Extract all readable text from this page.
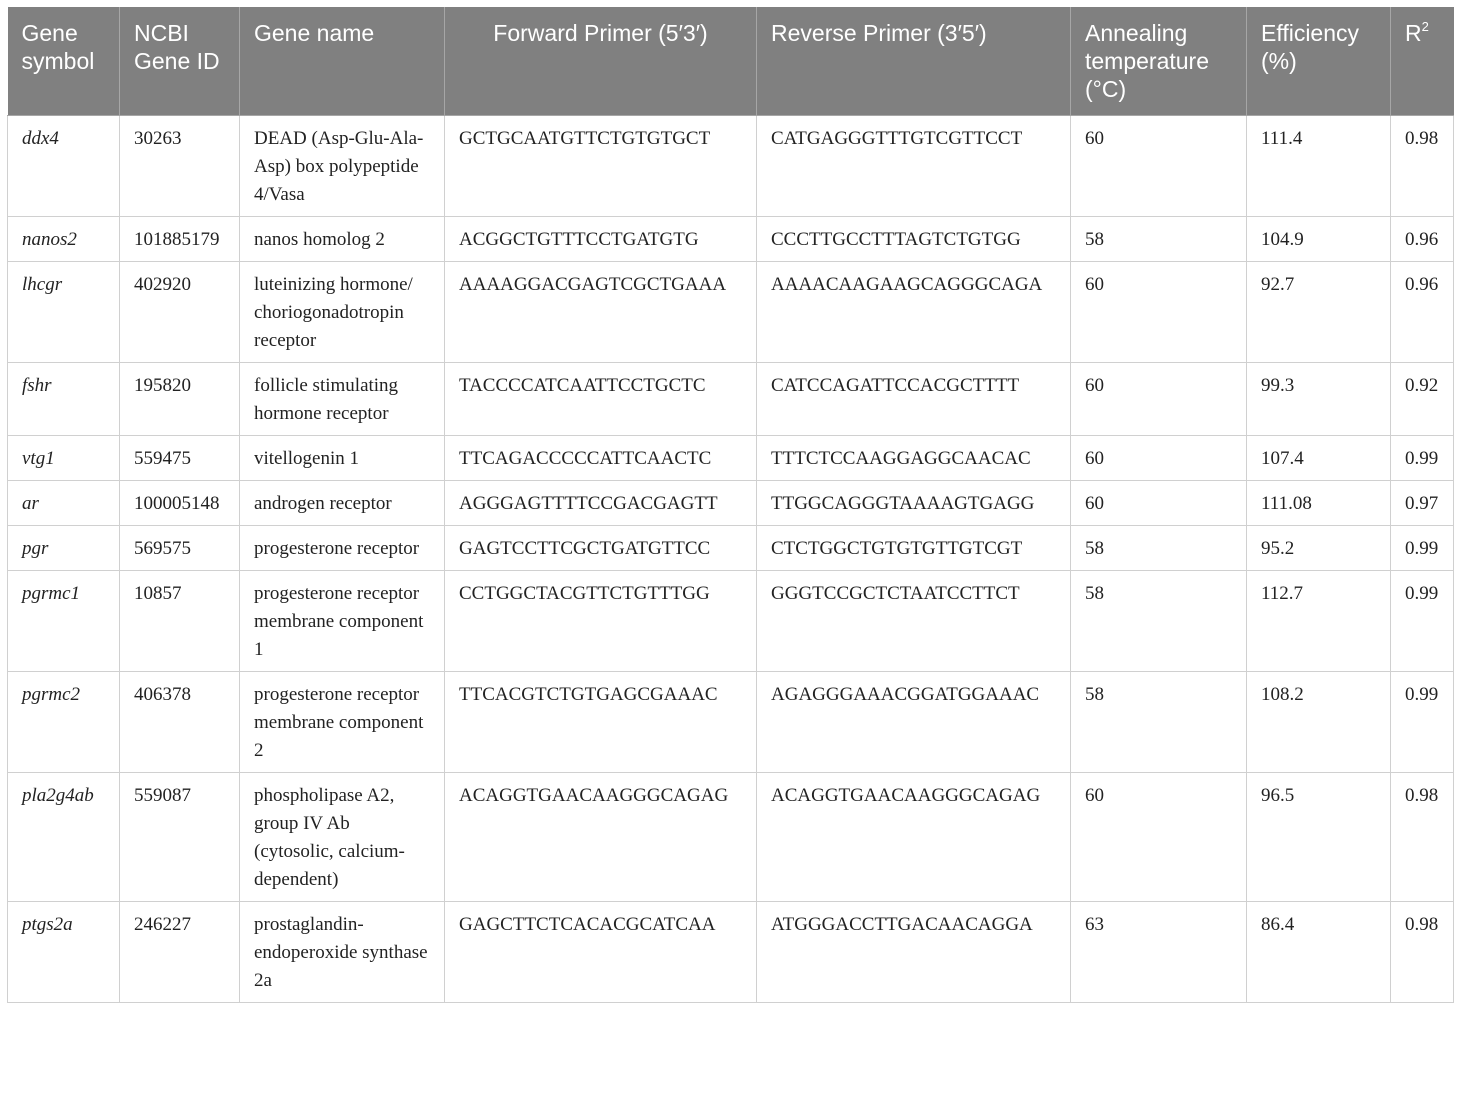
Gene symbol	NCBI Gene ID	Gene name	Forward Primer (5′3′)	Reverse Primer (3′5′)	Annealing temperature (°C)	Efficiency (%)	$R^2$
ddx4	30263	DEAD (Asp-Glu-Ala-Asp) box polypeptide 4/Vasa	GCTGCAATGTTCTGTGTGCT	CATGAGGGTTTGTCGTTCCT	60	111.4	0.98
nanos2	101885179	nanos homolog 2	ACGGCTGTTTCCTGATGTG	CCCTTGCCTTTAGTCTGTGG	58	104.9	0.96
lhcgr	402920	luteinizing hormone/ choriogonadotropin receptor	AAAAGGACGAGTCGCTGAAA	AAAACAAGAAGCAGGGCAGA	60	92.7	0.96
fshr	195820	follicle stimulating hormone receptor	TACCCCATCAATTCCTGCTC	CATCCAGATTCCACGCTTTT	60	99.3	0.92
vtg1	559475	vitellogenin 1	TTCAGACCCCCATTCAACTC	TTTCTCCAAGGAGGCAACAC	60	107.4	0.99
ar	100005148	androgen receptor	AGGGAGTTTTCCGACGAGTT	TTGGCAGGGTAAAAGTGAGG	60	111.08	0.97
pgr	569575	progesterone receptor	GAGTCCTTCGCTGATGTTCC	CTCTGGCTGTGTGTTGTCGT	58	95.2	0.99
pgrmc1	10857	progesterone receptor membrane component 1	CCTGGCTACGTTCTGTTTGG	GGGTCCGCTCTAATCCTTCT	58	112.7	0.99
pgrmc2	406378	progesterone receptor membrane component 2	TTCACGTCTGTGAGCGAAAC	AGAGGGAAACGGATGGAAAC	58	108.2	0.99
pla2g4ab	559087	phospholipase A2, group IV Ab (cytosolic, calcium-dependent)	ACAGGTGAACAAGGGCAGAG	ACAGGTGAACAAGGGCAGAG	60	96.5	0.98
ptgs2a	246227	prostaglandin-endoperoxide synthase 2a	GAGCTTCTCACACGCATCAA	ATGGGACCTTGACAACAGGA	63	86.4	0.98
